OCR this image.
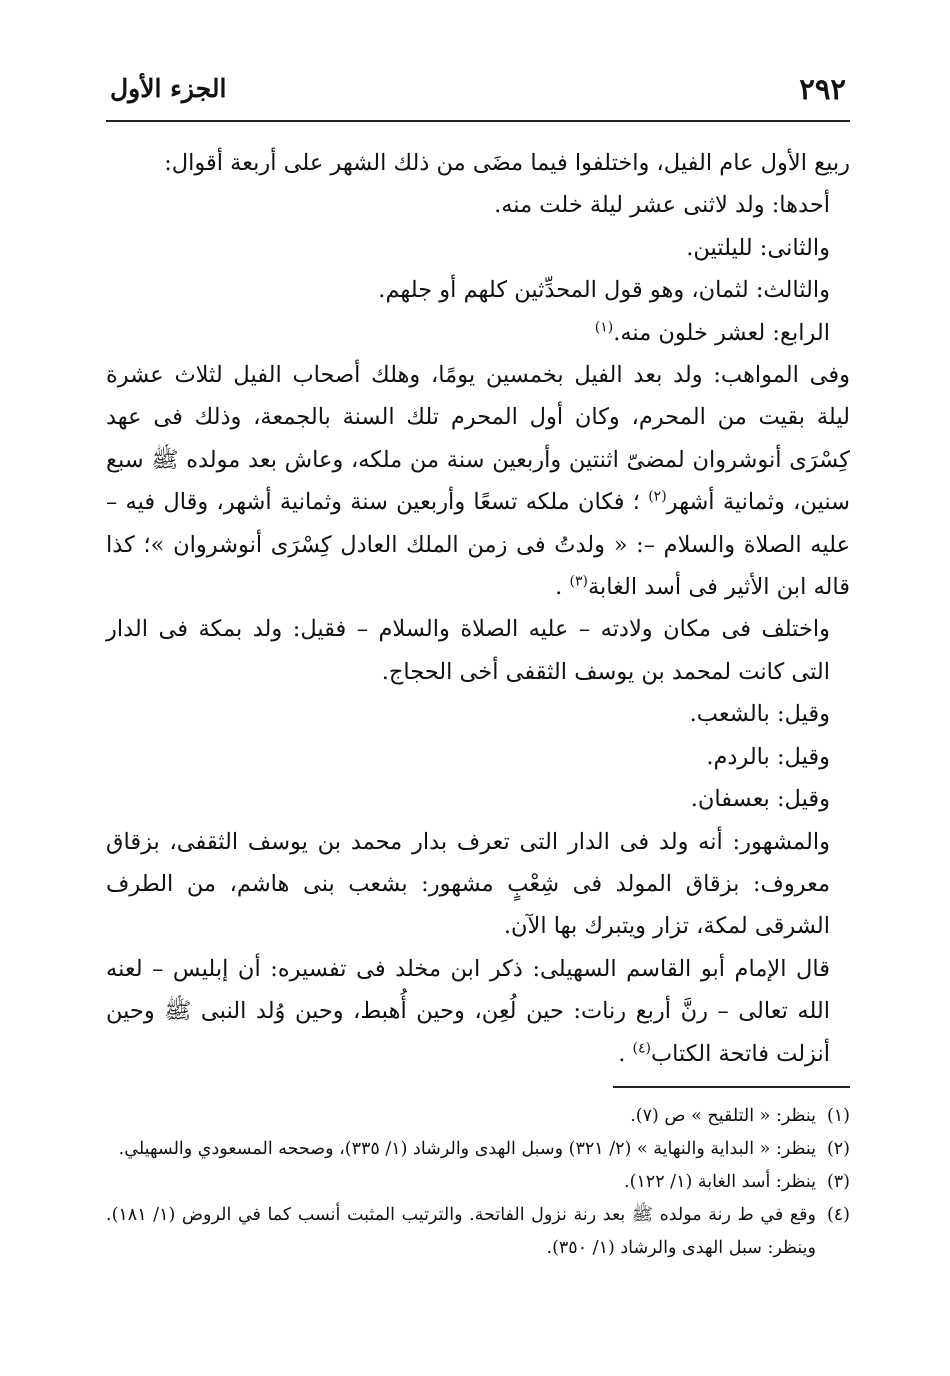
٢٩٢
الجزء الأول

ربيع الأول عام الفيل، واختلفوا فيما مضَى من ذلك الشهر على أربعة أقوال:

أحدها: ولد لاثنى عشر ليلة خلت منه.

والثانى: لليلتين.

والثالث: لثمان، وهو قول المحدِّثين كلهم أو جلهم.

الرابع: لعشر خلون منه.$^{(١)}$

وفى المواهب: ولد بعد الفيل بخمسين يومًا، وهلك أصحاب الفيل لثلاث عشرة ليلة بقيت من المحرم، وكان أول المحرم تلك السنة بالجمعة، وذلك فى عهد كِسْرَى أنوشروان لمضىّ اثنتين وأربعين سنة من ملكه، وعاش بعد مولده ﷺ سبع سنين، وثمانية أشهر$^{(٢)}$ ؛ فكان ملكه تسعًا وأربعين سنة وثمانية أشهر، وقال فيه – عليه الصلاة والسلام –: « ولدتُ فى زمن الملك العادل كِسْرَى أنوشروان »؛ كذا قاله ابن الأثير فى أسد الغابة$^{(٣)}$ .

واختلف فى مكان ولادته – عليه الصلاة والسلام – فقيل: ولد بمكة فى الدار التى كانت لمحمد بن يوسف الثقفى أخى الحجاج.

وقيل: بالشعب.

وقيل: بالردم.

وقيل: بعسفان.

والمشهور: أنه ولد فى الدار التى تعرف بدار محمد بن يوسف الثقفى، بزقاق معروف: بزقاق المولد فى شِعْبٍ مشهور: بشعب بنى هاشم، من الطرف الشرقى لمكة، تزار ويتبرك بها الآن.

قال الإمام أبو القاسم السهيلى: ذكر ابن مخلد فى تفسيره: أن إبليس – لعنه الله تعالى – رنَّ أربع رنات: حين لُعِن، وحين أُهبط، وحين وُلد النبى ﷺ وحين أنزلت فاتحة الكتاب$^{(٤)}$ .

(١)
ينظر: « التلقيح » ص (٧).
(٢)
ينظر: « البداية والنهاية » (٢/ ٣٢١) وسبل الهدى والرشاد (١/ ٣٣٥)، وصححه المسعودي والسهيلي.
(٣)
ينظر: أسد الغابة (١/ ١٢٢).
(٤)
وقع في ط رنة مولده ﷺ بعد رنة نزول الفاتحة. والترتيب المثبت أنسب كما في الروض (١/ ١٨١). وينظر: سبل الهدى والرشاد (١/ ٣٥٠).
